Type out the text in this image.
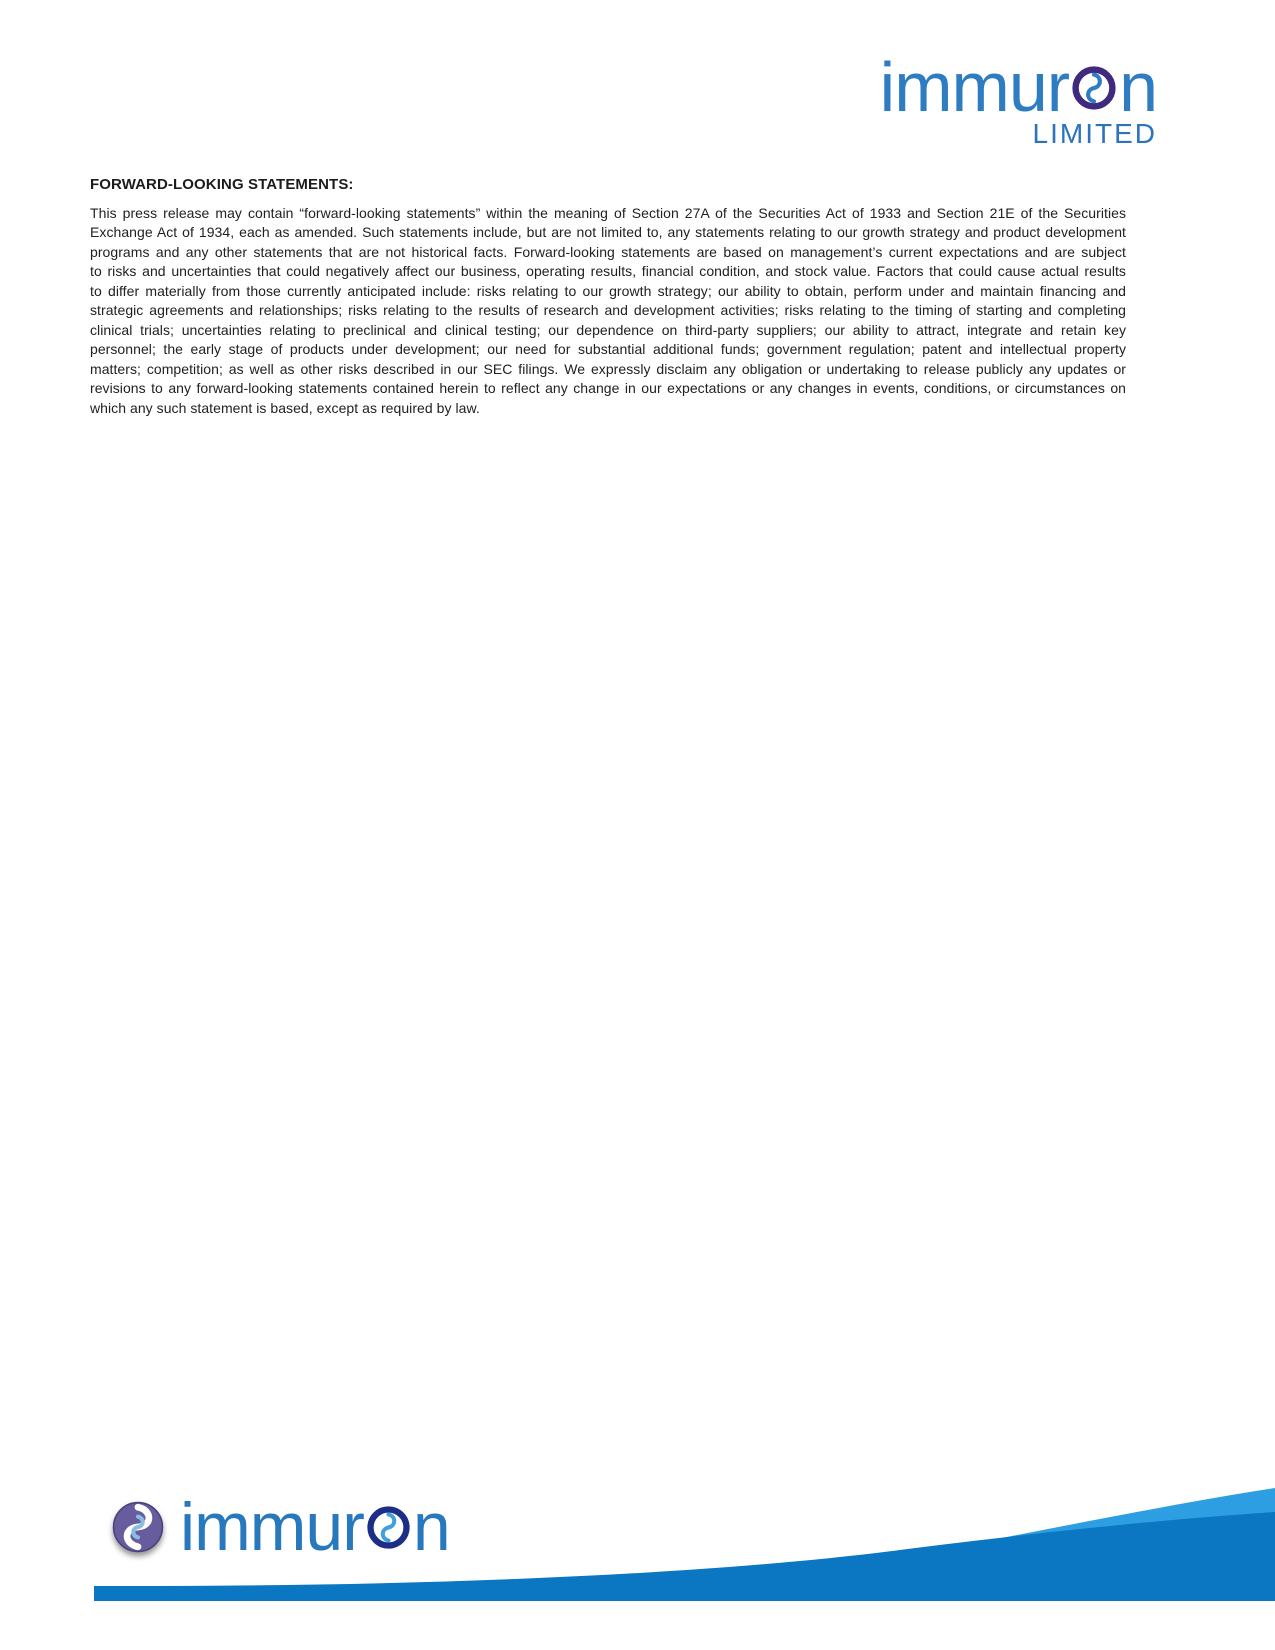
immur n
LIMITED
FORWARD-LOOKING STATEMENTS:
This press release may contain “forward-looking statements” within the meaning of Section 27A of the Securities Act of 1933 and Section 21E of the Securities
Exchange Act of 1934, each as amended. Such statements include, but are not limited to, any statements relating to our growth strategy and product development
programs and any other statements that are not historical facts. Forward-looking statements are based on management’s current expectations and are subject
to risks and uncertainties that could negatively affect our business, operating results, financial condition, and stock value. Factors that could cause actual results
to differ materially from those currently anticipated include: risks relating to our growth strategy; our ability to obtain, perform under and maintain financing and
strategic agreements and relationships; risks relating to the results of research and development activities; risks relating to the timing of starting and completing
clinical trials; uncertainties relating to preclinical and clinical testing; our dependence on third-party suppliers; our ability to attract, integrate and retain key
personnel; the early stage of products under development; our need for substantial additional funds; government regulation; patent and intellectual property
matters; competition; as well as other risks described in our SEC filings. We expressly disclaim any obligation or undertaking to release publicly any updates or
revisions to any forward-looking statements contained herein to reflect any change in our expectations or any changes in events, conditions, or circumstances on
which any such statement is based, except as required by law.
immur n
